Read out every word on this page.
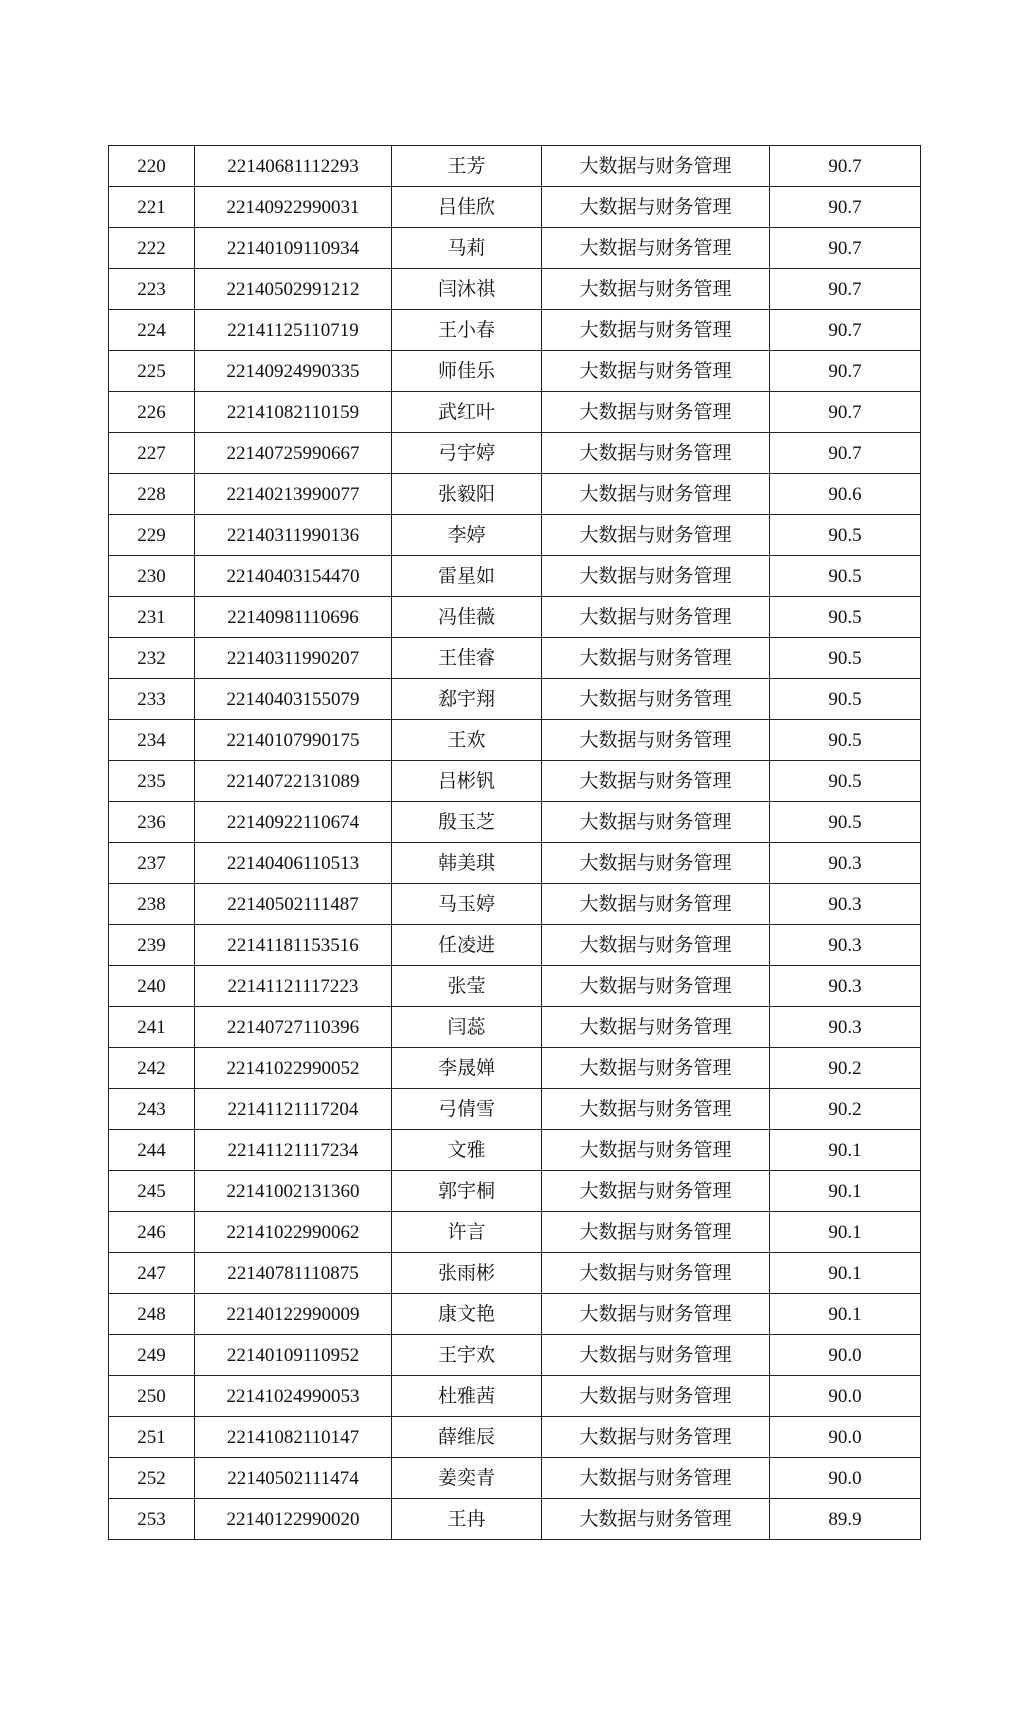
220	22140681112293	王芳	大数据与财务管理	90.7
221	22140922990031	吕佳欣	大数据与财务管理	90.7
222	22140109110934	马莉	大数据与财务管理	90.7
223	22140502991212	闫沐祺	大数据与财务管理	90.7
224	22141125110719	王小春	大数据与财务管理	90.7
225	22140924990335	师佳乐	大数据与财务管理	90.7
226	22141082110159	武红叶	大数据与财务管理	90.7
227	22140725990667	弓宇婷	大数据与财务管理	90.7
228	22140213990077	张毅阳	大数据与财务管理	90.6
229	22140311990136	李婷	大数据与财务管理	90.5
230	22140403154470	雷星如	大数据与财务管理	90.5
231	22140981110696	冯佳薇	大数据与财务管理	90.5
232	22140311990207	王佳睿	大数据与财务管理	90.5
233	22140403155079	郄宇翔	大数据与财务管理	90.5
234	22140107990175	王欢	大数据与财务管理	90.5
235	22140722131089	吕彬钒	大数据与财务管理	90.5
236	22140922110674	殷玉芝	大数据与财务管理	90.5
237	22140406110513	韩美琪	大数据与财务管理	90.3
238	22140502111487	马玉婷	大数据与财务管理	90.3
239	22141181153516	任凌进	大数据与财务管理	90.3
240	22141121117223	张莹	大数据与财务管理	90.3
241	22140727110396	闫蕊	大数据与财务管理	90.3
242	22141022990052	李晟婵	大数据与财务管理	90.2
243	22141121117204	弓倩雪	大数据与财务管理	90.2
244	22141121117234	文雅	大数据与财务管理	90.1
245	22141002131360	郭宇桐	大数据与财务管理	90.1
246	22141022990062	许言	大数据与财务管理	90.1
247	22140781110875	张雨彬	大数据与财务管理	90.1
248	22140122990009	康文艳	大数据与财务管理	90.1
249	22140109110952	王宇欢	大数据与财务管理	90.0
250	22141024990053	杜雅茜	大数据与财务管理	90.0
251	22141082110147	薛维辰	大数据与财务管理	90.0
252	22140502111474	姜奕青	大数据与财务管理	90.0
253	22140122990020	王冉	大数据与财务管理	89.9
